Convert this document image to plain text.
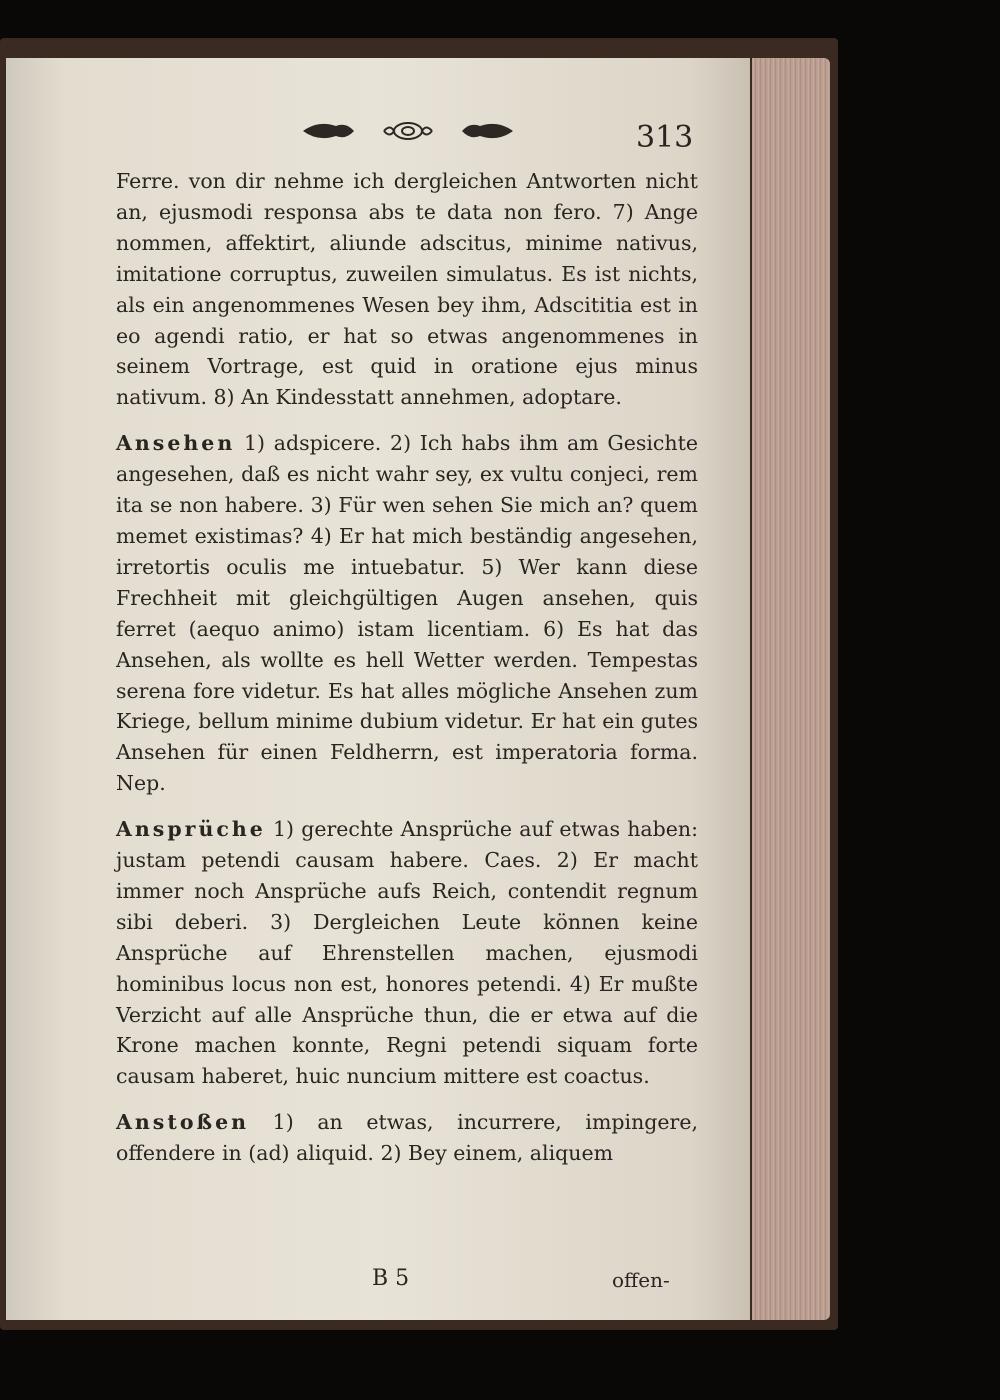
313

Ferre. von dir nehme ich dergleichen Antworten nicht an, ejusmodi responsa abs te data non fero. 7) Ange nommen, affektirt, aliunde adscitus, minime nativus, imitatione corruptus, zuweilen simulatus. Es ist nichts, als ein angenommenes Wesen bey ihm, Adscititia est in eo agendi ratio, er hat so etwas angenommenes in seinem Vortrage, est quid in oratione ejus minus nativum. 8) An Kindesstatt annehmen, adoptare.

Ansehen 1) adspicere. 2) Ich habs ihm am Gesichte angesehen, daß es nicht wahr sey, ex vultu conjeci, rem ita se non habere. 3) Für wen sehen Sie mich an? quem memet existimas? 4) Er hat mich beständig angesehen, irretortis oculis me intuebatur. 5) Wer kann diese Frechheit mit gleichgültigen Augen ansehen, quis ferret (aequo animo) istam licentiam. 6) Es hat das Ansehen, als wollte es hell Wetter werden. Tempestas serena fore videtur. Es hat alles mögliche Ansehen zum Kriege, bellum minime dubium videtur. Er hat ein gutes Ansehen für einen Feldherrn, est imperatoria forma. Nep.

Ansprüche 1) gerechte Ansprüche auf etwas haben: justam petendi causam habere. Caes. 2) Er macht immer noch Ansprüche aufs Reich, contendit regnum sibi deberi. 3) Dergleichen Leute können keine Ansprüche auf Ehrenstellen machen, ejusmodi hominibus locus non est, honores petendi. 4) Er mußte Verzicht auf alle Ansprüche thun, die er etwa auf die Krone machen konnte, Regni petendi siquam forte causam haberet, huic nuncium mittere est coactus.

Anstoßen 1) an etwas, incurrere, impingere, offendere in (ad) aliquid. 2) Bey einem, aliquem

B 5	offen-
